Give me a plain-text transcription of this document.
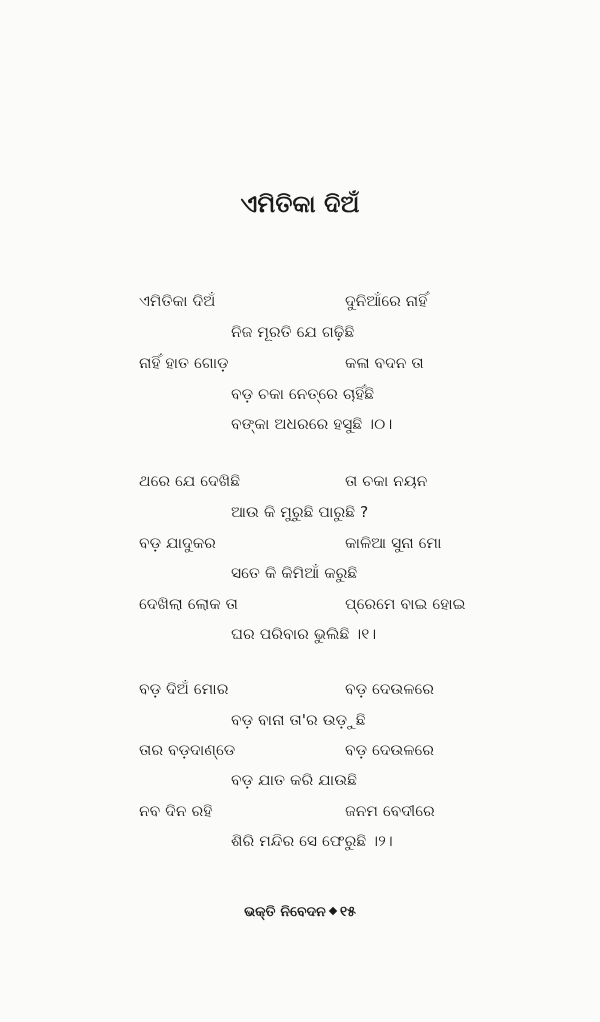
ଏମିତିକା ଦିଅଁ
ଏମିତିକା ଦିଅଁ	ଦୁନିଆଁରେ ନାହିଁ
ନିଜ ମୂରତି ଯେ ଗଢ଼ିଛି
ନାହିଁ ହାତ ଗୋଡ଼	କଳା ବଦନ ତା
ବଡ଼ ଚକା ନେତ୍ରେ ଚାହିଁଛି
ବଙ୍କା ଅଧରରେ ହସୁଛି ।୦।
ଥରେ ଯେ ଦେଖିଛି	ତା ଚକା ନୟନ
ଆଉ କି ମୁରୁଛି ପାରୁଛି ?
ବଡ଼ ଯାଦୁକର	କାଳିଆ ସୁନା ମୋ
ସତେ କି କିମିଆଁ କରୁଛି
ଦେଖିଲା ଲୋକ ତା	ପ୍ରେମେ ବାଇ ହୋଇ
ଘର ପରିବାର ଭୁଲିଛି ।୧।
ବଡ଼ ଦିଅଁ ମୋର	ବଡ଼ ଦେଉଳରେ
ବଡ଼ ବାନା ତା'ର ଉଡ଼ୁଛି
ତାର ବଡ଼ଦାଣ୍ଡେ	ବଡ଼ ଦେଉଳରେ
ବଡ଼ ଯାତ କରି ଯାଉଛି
ନବ ଦିନ ରହି	ଜନମ ବେଦୀରେ
ଶିରି ମନ୍ଦିର ସେ ଫେରୁଛି ।୨।
ଭକ୍ତି ନିବେଦନ ୧୫
